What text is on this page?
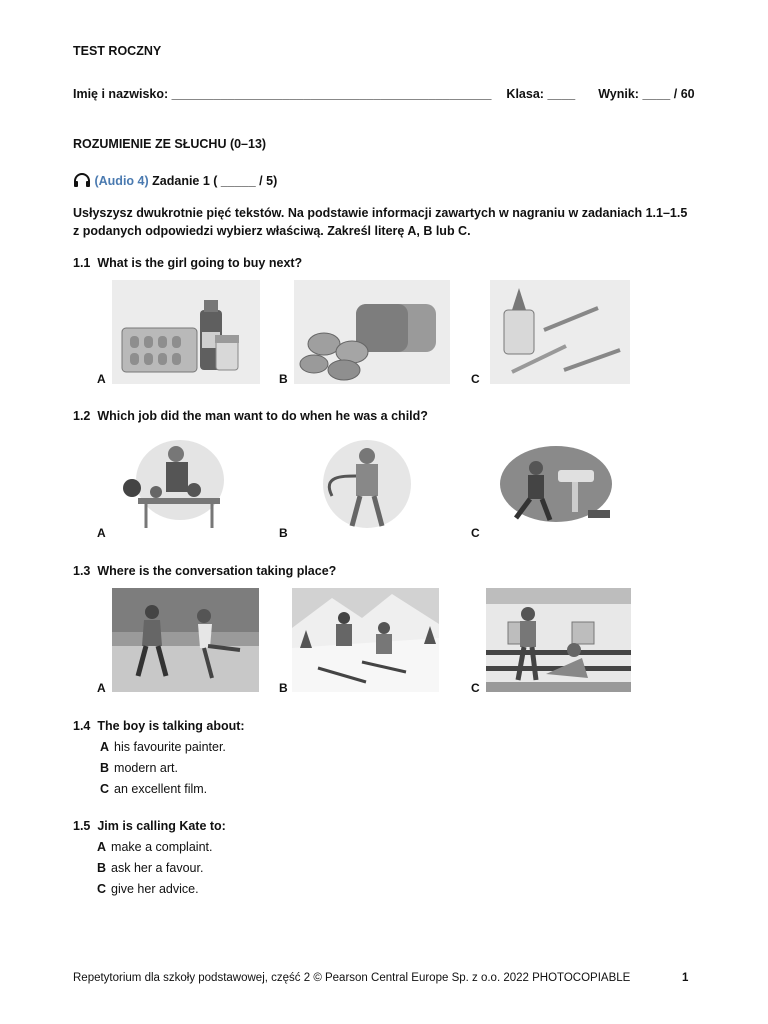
TEST ROCZNY
Imię i nazwisko: ______________________________________________ Klasa: ____ Wynik: ____ / 60
ROZUMIENIE ZE SŁUCHU (0–13)
(Audio 4) Zadanie 1 ( _____ / 5)
Usłyszysz dwukrotnie pięć tekstów. Na podstawie informacji zawartych w nagraniu w zadaniach 1.1–1.5
z podanych odpowiedzi wybierz właściwą. Zakreśl literę A, B lub C.
1.1 What is the girl going to buy next?
A	B	C
1.2 Which job did the man want to do when he was a child?
A	B	C
1.3 Where is the conversation taking place?
A	B	C
1.4 The boy is talking about:
A his favourite painter.
B modern art.
C an excellent film.
1.5 Jim is calling Kate to:
A make a complaint.
B ask her a favour.
C give her advice.
Repetytorium dla szkoły podstawowej, część 2 © Pearson Central Europe Sp. z o.o. 2022 PHOTOCOPIABLE	1
